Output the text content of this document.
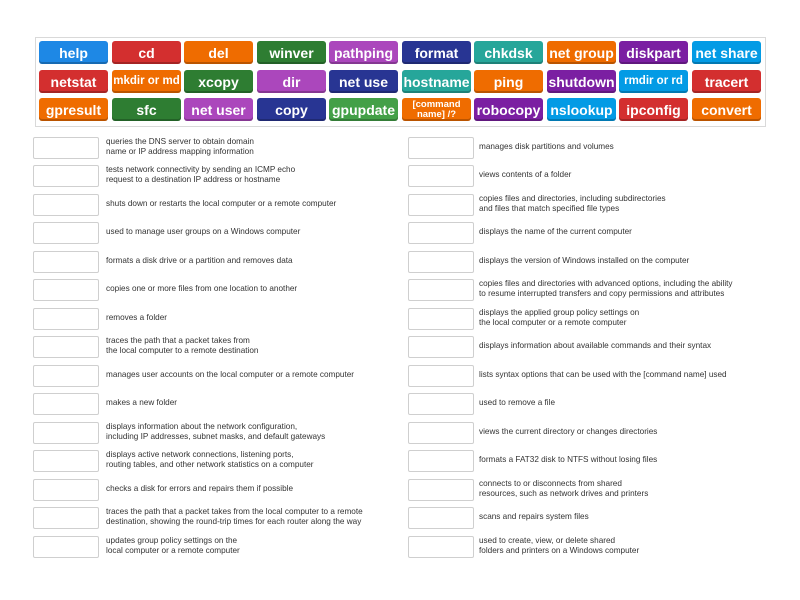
help	cd	del	winver	pathping	format	chkdsk	net group diskpart	net share
netstat	mkdir or md	xcopy	dir	net use	hostname	ping	shutdown rmdir or rd	tracert
gpresult	sfc	net user	copy	gpupdate	[command name] /?	robocopy nslookup ipconfig	convert
queries the DNS server to obtain domain
name or IP address mapping information
tests network connectivity by sending an ICMP echo
request to a destination IP address or hostname
shuts down or restarts the local computer or a remote computer
used to manage user groups on a Windows computer
formats a disk drive or a partition and removes data
copies one or more files from one location to another
removes a folder
traces the path that a packet takes from
the local computer to a remote destination
manages user accounts on the local computer or a remote computer
makes a new folder
displays information about the network configuration,
including IP addresses, subnet masks, and default gateways
displays active network connections, listening ports,
routing tables, and other network statistics on a computer
checks a disk for errors and repairs them if possible
traces the path that a packet takes from the local computer to a remote
destination, showing the round-trip times for each router along the way
updates group policy settings on the
local computer or a remote computer
manages disk partitions and volumes
views contents of a folder
copies files and directories, including subdirectories
and files that match specified file types
displays the name of the current computer
displays the version of Windows installed on the computer
copies files and directories with advanced options, including the ability
to resume interrupted transfers and copy permissions and attributes
displays the applied group policy settings on
the local computer or a remote computer
displays information about available commands and their syntax
lists syntax options that can be used with the [command name] used
used to remove a file
views the current directory or changes directories
formats a FAT32 disk to NTFS without losing files
connects to or disconnects from shared
resources, such as network drives and printers
scans and repairs system files
used to create, view, or delete shared
folders and printers on a Windows computer
